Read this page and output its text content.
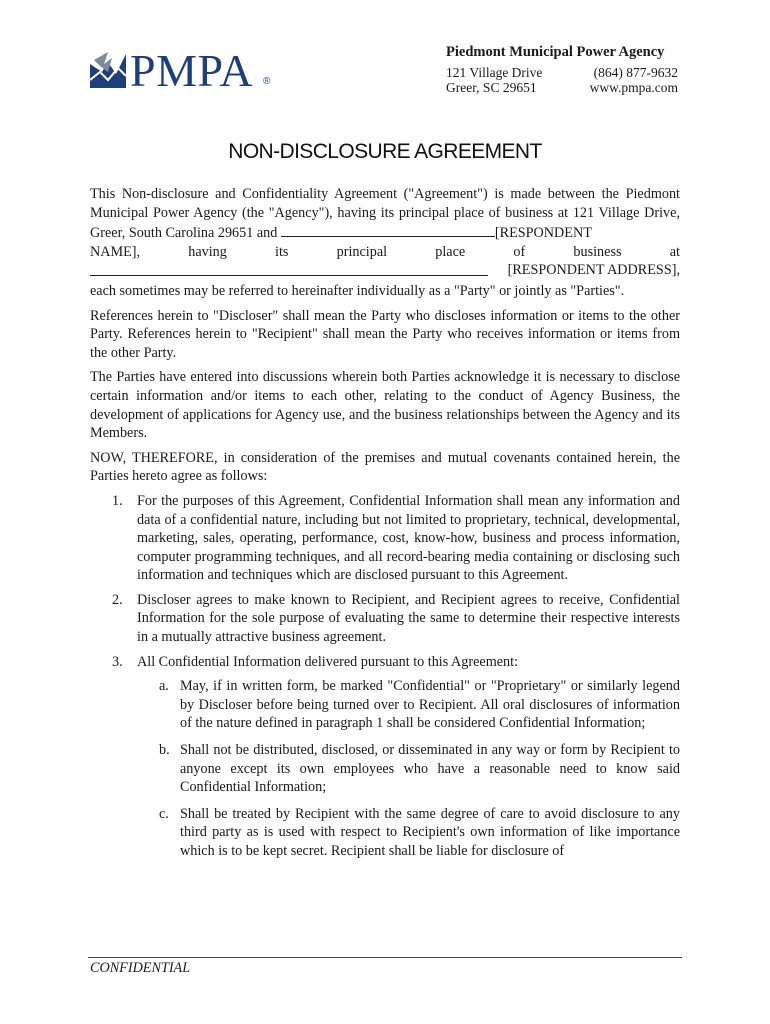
PMPA ®
Piedmont Municipal Power Agency
121 Village Drive	(864) 877-9632
Greer, SC 29651	www.pmpa.com
NON-DISCLOSURE AGREEMENT
This Non-disclosure and Confidentiality Agreement ("Agreement") is made between the Piedmont Municipal Power Agency (the "Agency"), having its principal place of business at 121 Village Drive, Greer, South Carolina 29651 and	[RESPONDENT
NAME],	having	its	principal	place	of	business	at
[RESPONDENT ADDRESS],
each sometimes may be referred to hereinafter individually as a "Party" or jointly as "Parties".

References herein to "Discloser" shall mean the Party who discloses information or items to the other Party. References herein to "Recipient" shall mean the Party who receives information or items from the other Party.

The Parties have entered into discussions wherein both Parties acknowledge it is necessary to disclose certain information and/or items to each other, relating to the conduct of Agency Business, the development of applications for Agency use, and the business relationships between the Agency and its Members.

NOW, THEREFORE, in consideration of the premises and mutual covenants contained herein, the Parties hereto agree as follows:

1. For the purposes of this Agreement, Confidential Information shall mean any information and data of a confidential nature, including but not limited to proprietary, technical, developmental, marketing, sales, operating, performance, cost, know-how, business and process information, computer programming techniques, and all record-bearing media containing or disclosing such information and techniques which are disclosed pursuant to this Agreement.
2. Discloser agrees to make known to Recipient, and Recipient agrees to receive, Confidential Information for the sole purpose of evaluating the same to determine their respective interests in a mutually attractive business agreement.
3. All Confidential Information delivered pursuant to this Agreement:
a. May, if in written form, be marked "Confidential" or "Proprietary" or similarly legend by Discloser before being turned over to Recipient. All oral disclosures of information of the nature defined in paragraph 1 shall be considered Confidential Information;
b. Shall not be distributed, disclosed, or disseminated in any way or form by Recipient to anyone except its own employees who have a reasonable need to know said Confidential Information;
c. Shall be treated by Recipient with the same degree of care to avoid disclosure to any third party as is used with respect to Recipient's own information of like importance which is to be kept secret. Recipient shall be liable for disclosure of
CONFIDENTIAL
